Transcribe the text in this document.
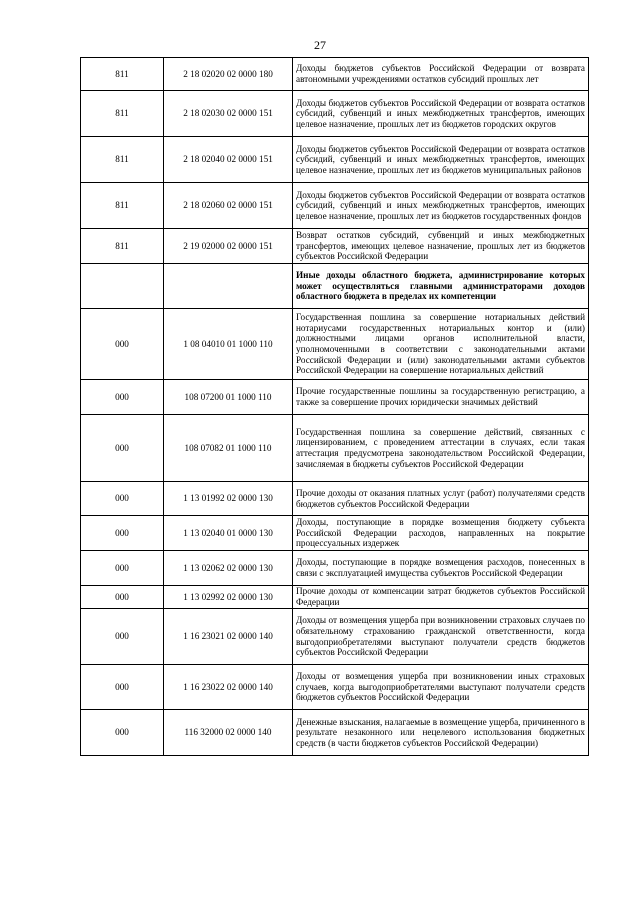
27
811	2 18 02020 02 0000 180	Доходы бюджетов субъектов Российской Федерации от возврата автономными учреждениями остатков субсидий прошлых лет
811	2 18 02030 02 0000 151	Доходы бюджетов субъектов Российской Федерации от возврата остатков субсидий, субвенций и иных межбюджетных трансфертов, имеющих целевое назначение, прошлых лет из бюджетов городских округов
811	2 18 02040 02 0000 151	Доходы бюджетов субъектов Российской Федерации от возврата остатков субсидий, субвенций и иных межбюджетных трансфертов, имеющих целевое назначение, прошлых лет из бюджетов муниципальных районов
811	2 18 02060 02 0000 151	Доходы бюджетов субъектов Российской Федерации от возврата остатков субсидий, субвенций и иных межбюджетных трансфертов, имеющих целевое назначение, прошлых лет из бюджетов государственных фондов
811	2 19 02000 02 0000 151	Возврат остатков субсидий, субвенций и иных межбюджетных трансфертов, имеющих целевое назначение, прошлых лет из бюджетов субъектов Российской Федерации
		Иные доходы областного бюджета, администрирование которых может осуществляться главными администраторами доходов областного бюджета в пределах их компетенции
000	1 08 04010 01 1000 110	Государственная пошлина за совершение нотариальных действий нотариусами государственных нотариальных контор и (или) должностными лицами органов исполнительной власти, уполномоченными в соответствии с законодательными актами Российской Федерации и (или) законодательными актами субъектов Российской Федерации на совершение нотариальных действий
000	108 07200 01 1000 110	Прочие государственные пошлины за государственную регистрацию, а также за совершение прочих юридически значимых действий
000	108 07082 01 1000 110	Государственная пошлина за совершение действий, связанных с лицензированием, с проведением аттестации в случаях, если такая аттестация предусмотрена законодательством Российской Федерации, зачисляемая в бюджеты субъектов Российской Федерации
000	1 13 01992 02 0000 130	Прочие доходы от оказания платных услуг (работ) получателями средств бюджетов субъектов Российской Федерации
000	1 13 02040 01 0000 130	Доходы, поступающие в порядке возмещения бюджету субъекта Российской Федерации расходов, направленных на покрытие процессуальных издержек
000	1 13 02062 02 0000 130	Доходы, поступающие в порядке возмещения расходов, понесенных в связи с эксплуатацией имущества субъектов Российской Федерации
000	1 13 02992 02 0000 130	Прочие доходы от компенсации затрат бюджетов субъектов Российской Федерации
000	1 16 23021 02 0000 140	Доходы от возмещения ущерба при возникновении страховых случаев по обязательному страхованию гражданской ответственности, когда выгодоприобретателями выступают получатели средств бюджетов субъектов Российской Федерации
000	1 16 23022 02 0000 140	Доходы от возмещения ущерба при возникновении иных страховых случаев, когда выгодоприобретателями выступают получатели средств бюджетов субъектов Российской Федерации
000	116 32000 02 0000 140	Денежные взыскания, налагаемые в возмещение ущерба, причиненного в результате незаконного или нецелевого использования бюджетных средств (в части бюджетов субъектов Российской Федерации)
